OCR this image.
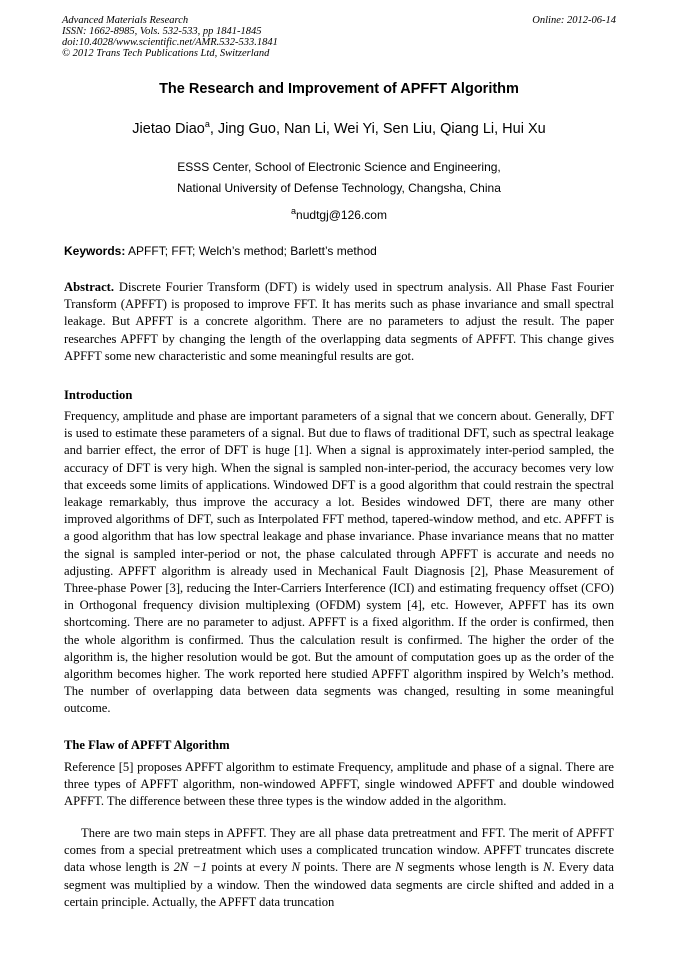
Advanced Materials Research
ISSN: 1662-8985, Vols. 532-533, pp 1841-1845
doi:10.4028/www.scientific.net/AMR.532-533.1841
© 2012 Trans Tech Publications Ltd, Switzerland
Online: 2012-06-14
The Research and Improvement of APFFT Algorithm
Jietao Diao$^a$, Jing Guo, Nan Li, Wei Yi, Sen Liu, Qiang Li, Hui Xu
ESSS Center, School of Electronic Science and Engineering,
National University of Defense Technology, Changsha, China
$^a$nudtgj@126.com
Keywords: APFFT; FFT; Welch’s method; Barlett’s method

Abstract. Discrete Fourier Transform (DFT) is widely used in spectrum analysis. All Phase Fast Fourier Transform (APFFT) is proposed to improve FFT. It has merits such as phase invariance and small spectral leakage. But APFFT is a concrete algorithm. There are no parameters to adjust the result. The paper researches APFFT by changing the length of the overlapping data segments of APFFT. This change gives APFFT some new characteristic and some meaningful results are got.

Introduction

Frequency, amplitude and phase are important parameters of a signal that we concern about. Generally, DFT is used to estimate these parameters of a signal. But due to flaws of traditional DFT, such as spectral leakage and barrier effect, the error of DFT is huge [1]. When a signal is approximately inter-period sampled, the accuracy of DFT is very high. When the signal is sampled non-inter-period, the accuracy becomes very low that exceeds some limits of applications. Windowed DFT is a good algorithm that could restrain the spectral leakage remarkably, thus improve the accuracy a lot. Besides windowed DFT, there are many other improved algorithms of DFT, such as Interpolated FFT method, tapered-window method, and etc. APFFT is a good algorithm that has low spectral leakage and phase invariance. Phase invariance means that no matter the signal is sampled inter-period or not, the phase calculated through APFFT is accurate and needs no adjusting. APFFT algorithm is already used in Mechanical Fault Diagnosis [2], Phase Measurement of Three-phase Power [3], reducing the Inter-Carriers Interference (ICI) and estimating frequency offset (CFO) in Orthogonal frequency division multiplexing (OFDM) system [4], etc. However, APFFT has its own shortcoming. There are no parameter to adjust. APFFT is a fixed algorithm. If the order is confirmed, then the whole algorithm is confirmed. Thus the calculation result is confirmed. The higher the order of the algorithm is, the higher resolution would be got. But the amount of computation goes up as the order of the algorithm becomes higher. The work reported here studied APFFT algorithm inspired by Welch’s method. The number of overlapping data between data segments was changed, resulting in some meaningful outcome.

The Flaw of APFFT Algorithm

Reference [5] proposes APFFT algorithm to estimate Frequency, amplitude and phase of a signal. There are three types of APFFT algorithm, non-windowed APFFT, single windowed APFFT and double windowed APFFT. The difference between these three types is the window added in the algorithm.

There are two main steps in APFFT. They are all phase data pretreatment and FFT. The merit of APFFT comes from a special pretreatment which uses a complicated truncation window. APFFT truncates discrete data whose length is 2N −1 points at every N points. There are N segments whose length is N. Every data segment was multiplied by a window. Then the windowed data segments are circle shifted and added in a certain principle. Actually, the APFFT data truncation
